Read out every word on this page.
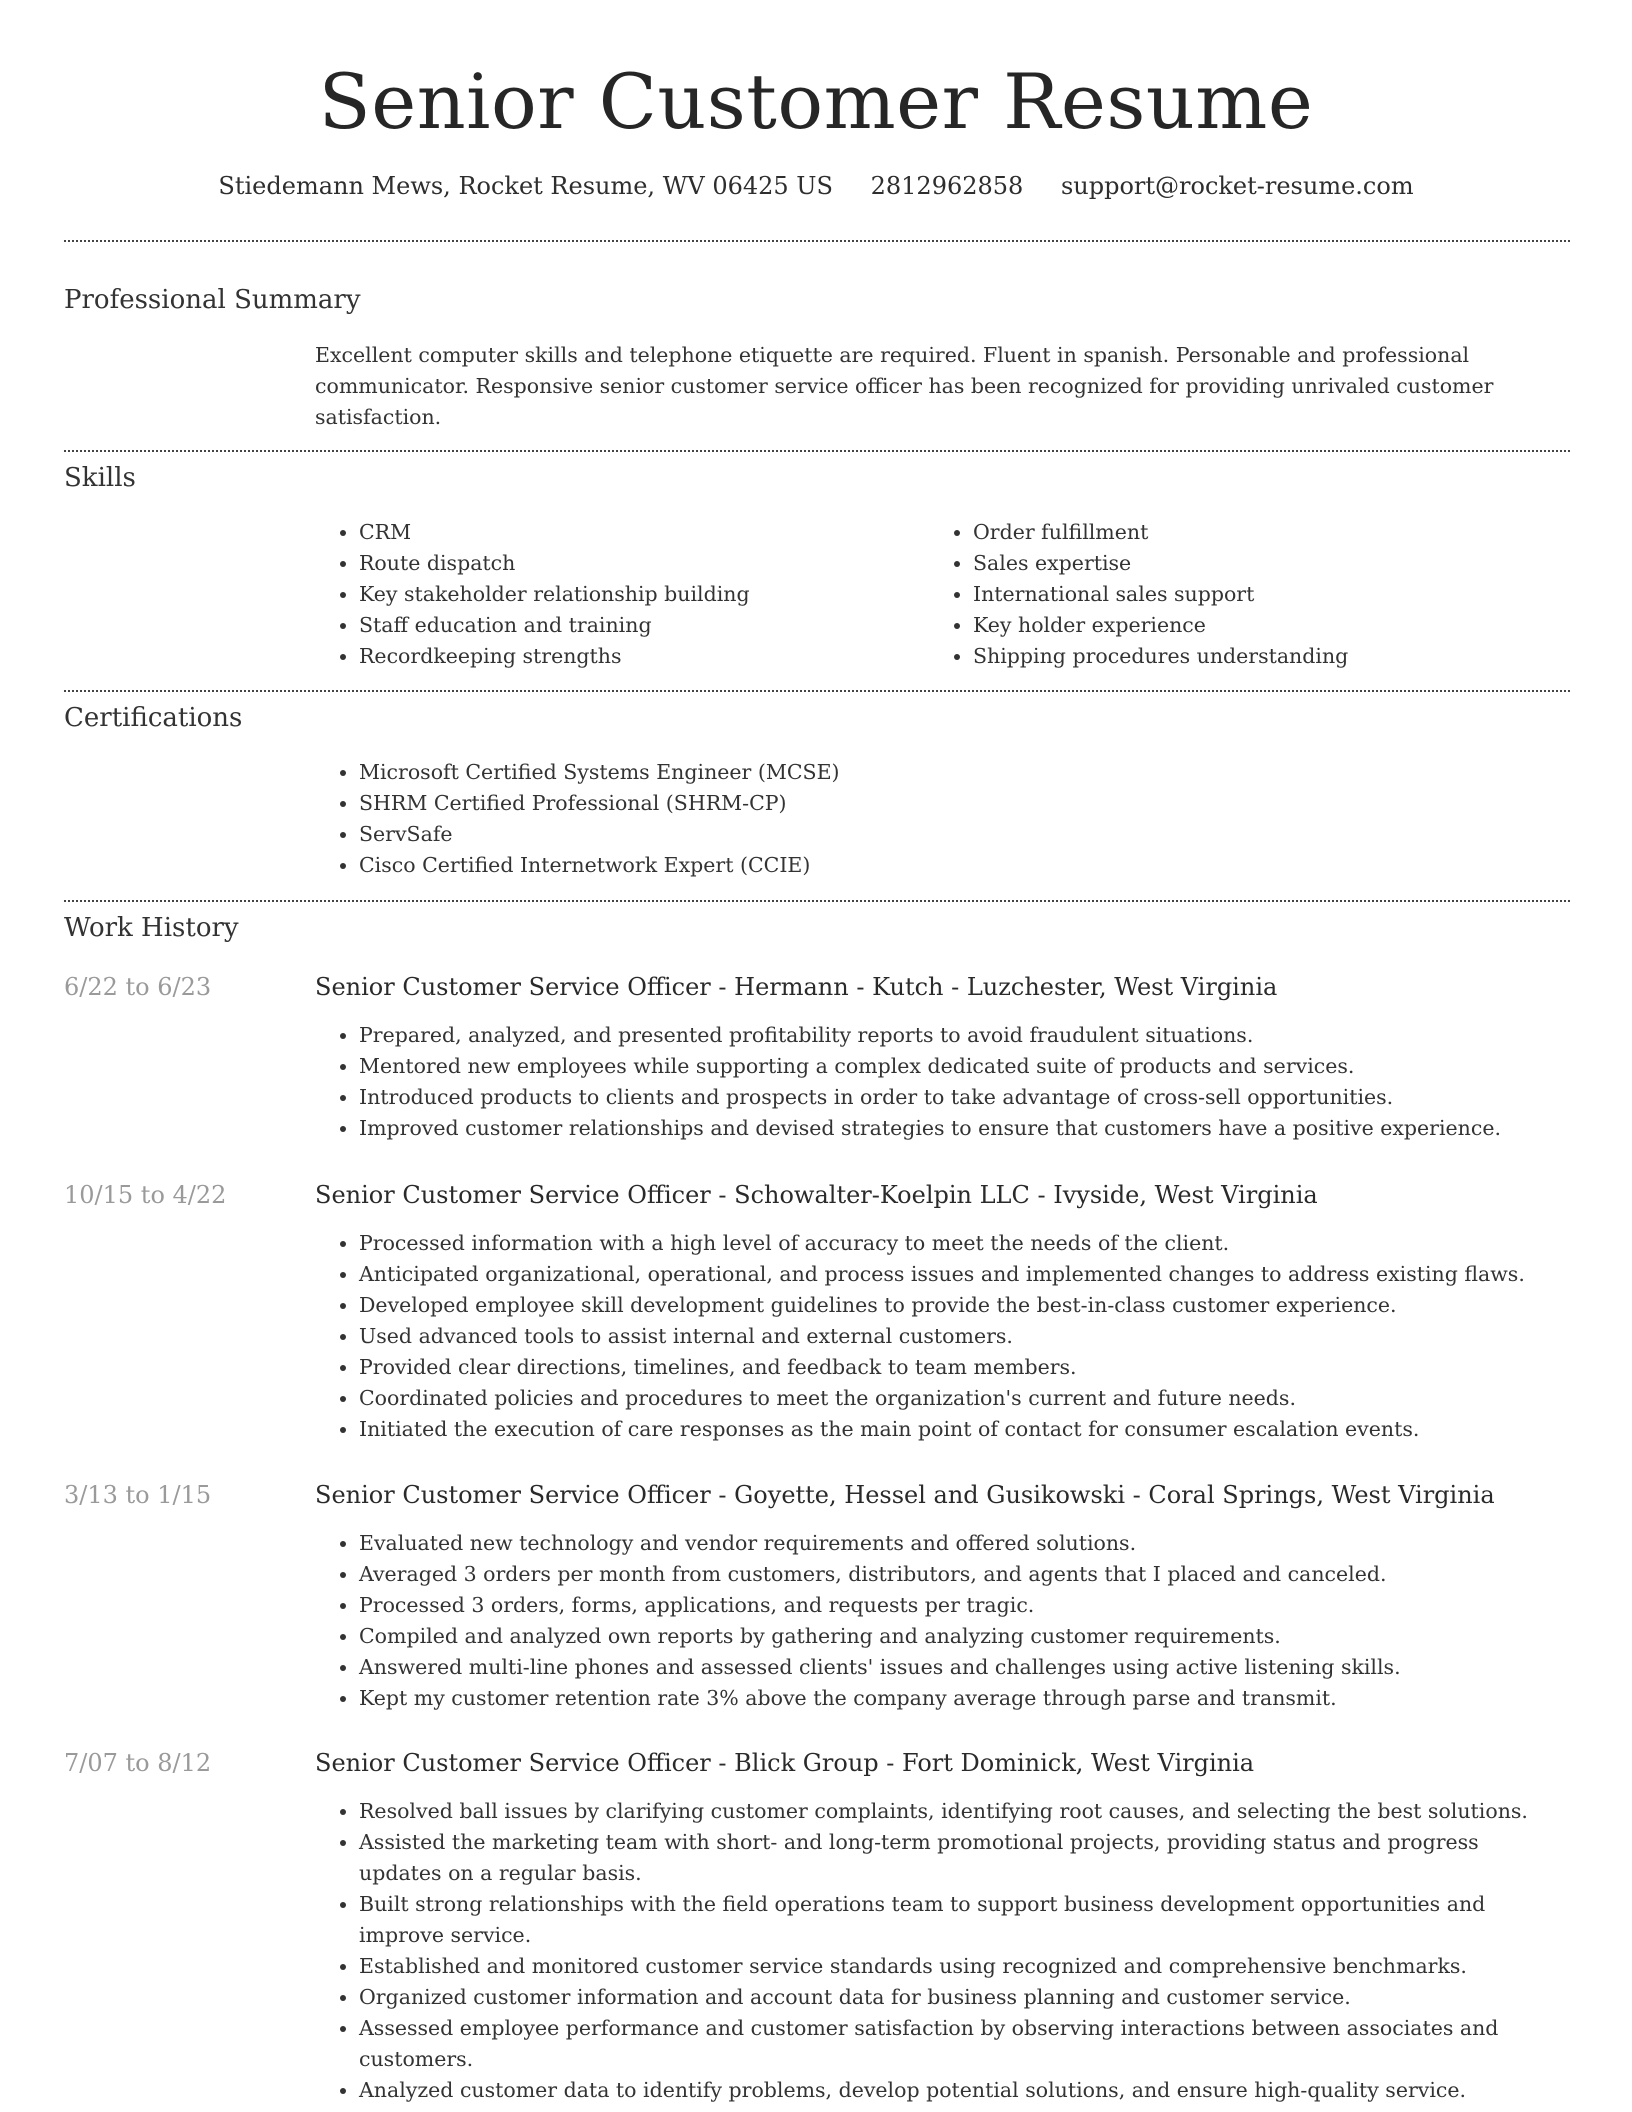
Senior Customer Resume
Stiedemann Mews, Rocket Resume, WV 06425 US 2812962858 support@rocket-resume.com
Professional Summary
Excellent computer skills and telephone etiquette are required. Fluent in spanish. Personable and professional communicator. Responsive senior customer service officer has been recognized for providing unrivaled customer satisfaction.
Skills
• CRM
• Route dispatch
• Key stakeholder relationship building
• Staff education and training
• Recordkeeping strengths
• Order fulfillment
• Sales expertise
• International sales support
• Key holder experience
• Shipping procedures understanding
Certifications
• Microsoft Certified Systems Engineer (MCSE)
• SHRM Certified Professional (SHRM-CP)
• ServSafe
• Cisco Certified Internetwork Expert (CCIE)
Work History
6/22 to 6/23	Senior Customer Service Officer - Hermann - Kutch - Luzchester, West Virginia
• Prepared, analyzed, and presented profitability reports to avoid fraudulent situations.
• Mentored new employees while supporting a complex dedicated suite of products and services.
• Introduced products to clients and prospects in order to take advantage of cross-sell opportunities.
• Improved customer relationships and devised strategies to ensure that customers have a positive experience.
10/15 to 4/22	Senior Customer Service Officer - Schowalter-Koelpin LLC - Ivyside, West Virginia
• Processed information with a high level of accuracy to meet the needs of the client.
• Anticipated organizational, operational, and process issues and implemented changes to address existing flaws.
• Developed employee skill development guidelines to provide the best-in-class customer experience.
• Used advanced tools to assist internal and external customers.
• Provided clear directions, timelines, and feedback to team members.
• Coordinated policies and procedures to meet the organization's current and future needs.
• Initiated the execution of care responses as the main point of contact for consumer escalation events.
3/13 to 1/15	Senior Customer Service Officer - Goyette, Hessel and Gusikowski - Coral Springs, West Virginia
• Evaluated new technology and vendor requirements and offered solutions.
• Averaged 3 orders per month from customers, distributors, and agents that I placed and canceled.
• Processed 3 orders, forms, applications, and requests per tragic.
• Compiled and analyzed own reports by gathering and analyzing customer requirements.
• Answered multi-line phones and assessed clients' issues and challenges using active listening skills.
• Kept my customer retention rate 3% above the company average through parse and transmit.
7/07 to 8/12	Senior Customer Service Officer - Blick Group - Fort Dominick, West Virginia
• Resolved ball issues by clarifying customer complaints, identifying root causes, and selecting the best solutions.
• Assisted the marketing team with short- and long-term promotional projects, providing status and progress updates on a regular basis.
• Built strong relationships with the field operations team to support business development opportunities and improve service.
• Established and monitored customer service standards using recognized and comprehensive benchmarks.
• Organized customer information and account data for business planning and customer service.
• Assessed employee performance and customer satisfaction by observing interactions between associates and customers.
• Analyzed customer data to identify problems, develop potential solutions, and ensure high-quality service.
